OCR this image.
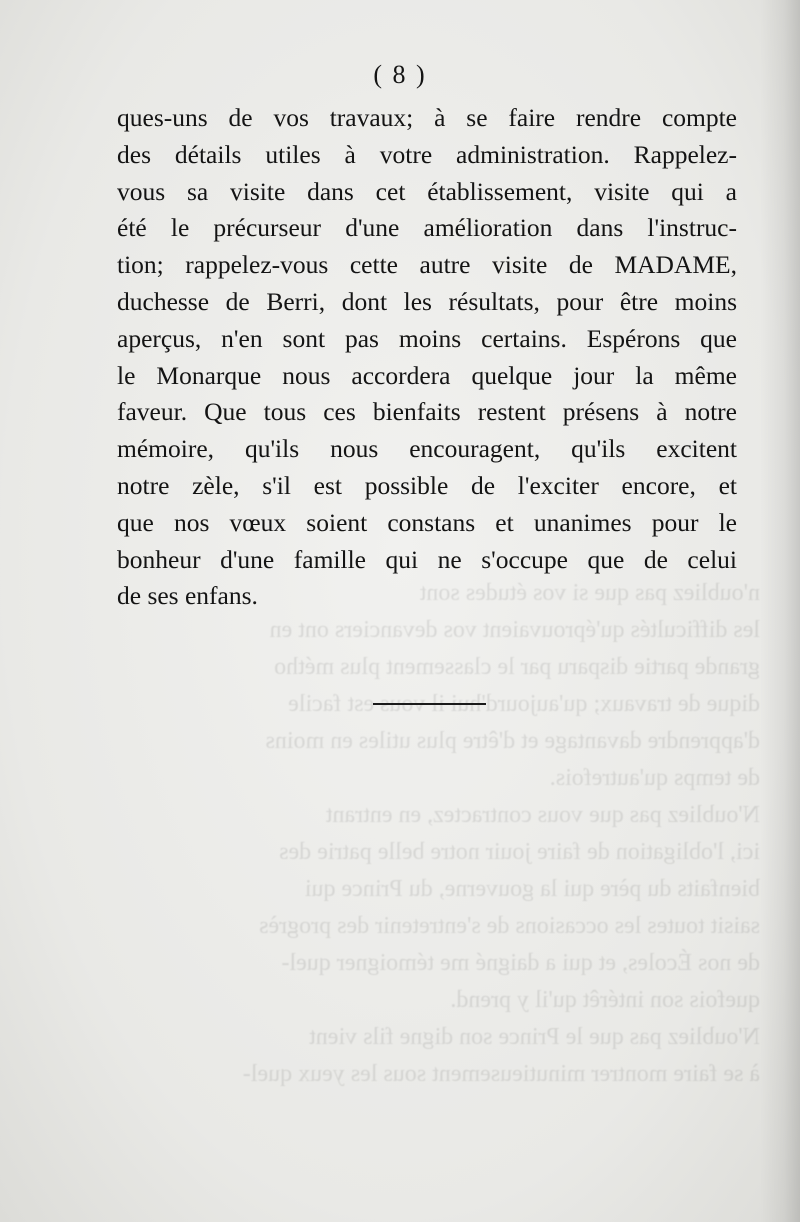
n'oubliez pas que si vos études sont
les difficultés qu'éprouvaient vos devanciers ont en
grande partie disparu par le classement plus métho
dique de travaux; qu'aujourd'hui il vous est facile
d'apprendre davantage et d'être plus utiles en moins
de temps qu'autrefois.
N'oubliez pas que vous contractez, en entrant
ici, l'obligation de faire jouir notre belle patrie des
bienfaits du père qui la gouverne, du Prince qui
saisit toutes les occasions de s'entretenir des progrès
de nos Écoles, et qui a daigné me témoigner quel-
quefois son intérêt qu'il y prend.
N'oubliez pas que le Prince son digne fils vient
à se faire montrer minutieusement sous les yeux quel-
( 8 )
ques-uns de vos travaux; à se faire rendre compte
des détails utiles à votre administration. Rappelez-
vous sa visite dans cet établissement, visite qui a
été le précurseur d'une amélioration dans l'instruc-
tion; rappelez-vous cette autre visite de MADAME,
duchesse de Berri, dont les résultats, pour être moins
aperçus, n'en sont pas moins certains. Espérons que
le Monarque nous accordera quelque jour la même
faveur. Que tous ces bienfaits restent présens à notre
mémoire, qu'ils nous encouragent, qu'ils excitent
notre zèle, s'il est possible de l'exciter encore, et
que nos vœux soient constans et unanimes pour le
bonheur d'une famille qui ne s'occupe que de celui
de ses enfans.
